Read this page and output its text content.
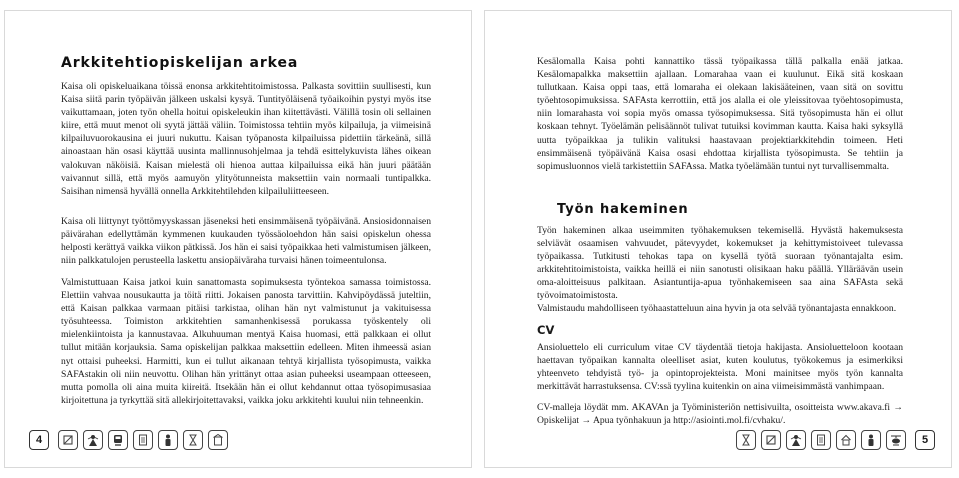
Arkkitehtiopiskelijan arkea

Kaisa oli opiskeluaikana töissä enonsa arkkitehtitoimistossa. Palkasta sovittiin suullisesti, kun Kaisa siitä parin työpäivän jälkeen uskalsi kysyä. Tuntityöläisenä työaikoihin pystyi myös itse vaikuttamaan, joten työn ohella hoitui opiskeleukin ihan kiitettävästi. Välillä tosin oli sellainen kiire, että muut menot oli syytä jättää väliin. Toimistossa tehtiin myös kilpailuja, ja viimeisinä kilpailuvuorokausina ei juuri nukuttu. Kaisan työpanosta kilpailuissa pidettiin tärkeänä, sillä ainoastaan hän osasi käyttää uusinta mallinnusohjelmaa ja tehdä esittelykuvista lähes oikean valokuvan näköisiä. Kaisan mielestä oli hienoa auttaa kilpailuissa eikä hän juuri päätään vaivannut sillä, että myös aamuyön ylityötunneista maksettiin vain normaali tuntipalkka. Saisihan nimensä hyvällä onnella Arkkitehtilehden kilpailuliitteeseen.

Kaisa oli liittynyt työttömyyskassan jäseneksi heti ensimmäisenä työpäivänä. Ansiosidonnaisen päivärahan edellyttämän kymmenen kuukauden työssäoloehdon hän saisi opiskelun ohessa helposti kerättyä vaikka viikon pätkissä. Jos hän ei saisi työpaikkaa heti valmistumisen jälkeen, niin palkkatulojen perusteella laskettu ansiopäiväraha turvaisi hänen toimeentulonsa.

Valmistuttuaan Kaisa jatkoi kuin sanattomasta sopimuksesta työntekoa samassa toimistossa. Elettiin vahvaa nousukautta ja töitä riitti. Jokaisen panosta tarvittiin. Kahvipöydässä juteltiin, että Kaisan palkkaa varmaan pitäisi tarkistaa, olihan hän nyt valmistunut ja vakituisessa työsuhteessa. Toimiston arkkitehtien samanhenkisessä porukassa työskentely oli mielenkiintoista ja kannustavaa. Alkuhuuman mentyä Kaisa huomasi, että palkkaan ei ollut tullut mitään korjauksia. Sama opiskelijan palkkaa maksettiin edelleen. Miten ihmeessä asian nyt ottaisi puheeksi. Harmitti, kun ei tullut aikanaan tehtyä kirjallista työsopimusta, vaikka SAFAstakin oli niin neuvottu. Olihan hän yrittänyt ottaa asian puheeksi useampaan otteeseen, mutta pomolla oli aina muita kiireitä. Itsekään hän ei ollut kehdannut ottaa työsopimusasiaa kirjoitettuna ja tyrkyttää sitä allekirjoitettavaksi, vaikka joku arkkitehti kuului niin tehneenkin.

4

Kesälomalla Kaisa pohti kannattiko tässä työpaikassa tällä palkalla enää jatkaa. Kesälomapalkka maksettiin ajallaan. Lomarahaa vaan ei kuulunut. Eikä sitä koskaan tullutkaan. Kaisa oppi taas, että lomaraha ei olekaan lakisääteinen, vaan sitä on sovittu työehtosopimuksissa. SAFAsta kerrottiin, että jos alalla ei ole yleissitovaa työehtosopimusta, niin lomarahasta voi sopia myös omassa työsopimuksessa. Sitä työsopimusta hän ei ollut koskaan tehnyt. Työelämän pelisäännöt tulivat tutuiksi kovimman kautta. Kaisa haki syksyllä uutta työpaikkaa ja tulikin valituksi haastavaan projektiarkkitehdin toimeen. Heti ensimmäisenä työpäivänä Kaisa osasi ehdottaa kirjallista työsopimusta. Se tehtiin ja sopimusluonnos vielä tarkistettiin SAFAssa. Matka työelämään tuntui nyt turvallisemmalta.

Työn hakeminen

Työn hakeminen alkaa useimmiten työhakemuksen tekemisellä. Hyvästä hakemuksesta selviävät osaamisen vahvuudet, pätevyydet, kokemukset ja kehittymistoiveet tulevassa työpaikassa. Tutkitusti tehokas tapa on kysellä työtä suoraan työnantajalta esim. arkkitehtitoimistoista, vaikka heillä ei niin sanotusti olisikaan haku päällä. Ylläräävän usein oma-aloitteisuus palkitaan. Asiantuntija-apua työnhakemiseen saa aina SAFAsta sekä työvoimatoimistosta.

Valmistaudu mahdolliseen työhaastatteluun aina hyvin ja ota selvää työnantajasta ennakkoon.

CV

Ansioluettelo eli curriculum vitae CV täydentää tietoja hakijasta. Ansioluetteloon kootaan haettavan työpaikan kannalta oleelliset asiat, kuten koulutus, työkokemus ja esimerkiksi yhteenveto tehdyistä työ- ja opintoprojekteista. Moni mainitsee myös työn kannalta merkittävät harrastuksensa. CV:ssä tyylina kuitenkin on aina viimeisimmästä vanhimpaan.

CV-malleja löydät mm. AKAVAn ja Työministeriön nettisivuilta, osoitteista www.akava.fi → Opiskelijat → Apua työnhakuun ja http://asiointi.mol.fi/cvhaku/.

5
